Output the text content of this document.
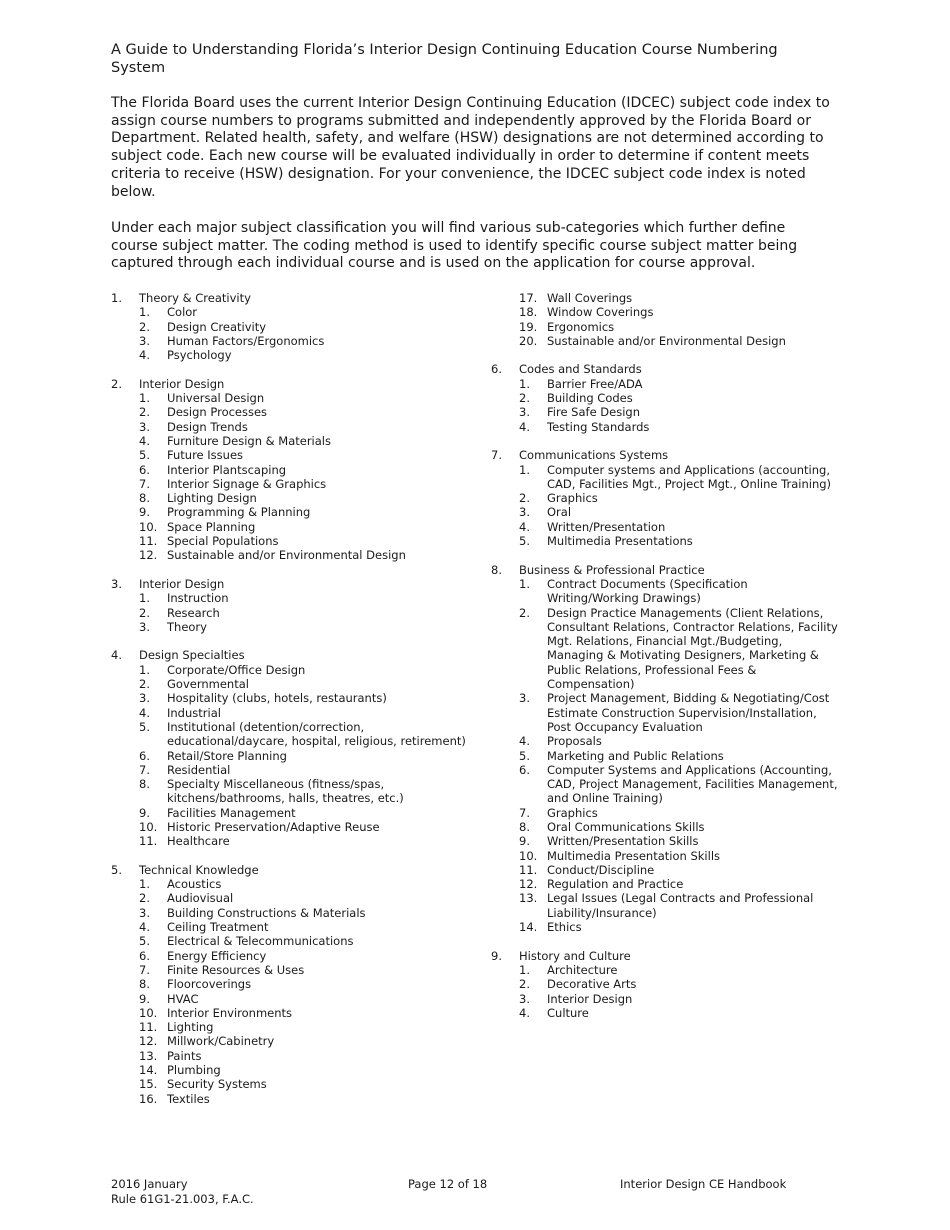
A Guide to Understanding Florida’s Interior Design Continuing Education Course Numbering System

The Florida Board uses the current Interior Design Continuing Education (IDCEC) subject code index to assign course numbers to programs submitted and independently approved by the Florida Board or Department. Related health, safety, and welfare (HSW) designations are not determined according to subject code. Each new course will be evaluated individually in order to determine if content meets criteria to receive (HSW) designation. For your convenience, the IDCEC subject code index is noted below.

Under each major subject classification you will find various sub-categories which further define course subject matter. The coding method is used to identify specific course subject matter being captured through each individual course and is used on the application for course approval.

1.	Theory & Creativity
1.	Color
2.	Design Creativity
3.	Human Factors/Ergonomics
4.	Psychology
2.	Interior Design
1.	Universal Design
2.	Design Processes
3.	Design Trends
4.	Furniture Design & Materials
5.	Future Issues
6.	Interior Plantscaping
7.	Interior Signage & Graphics
8.	Lighting Design
9.	Programming & Planning
10. Space Planning
11. Special Populations
12. Sustainable and/or Environmental Design
3.	Interior Design
1.	Instruction
2.	Research
3.	Theory
4.	Design Specialties
1.	Corporate/Office Design
2.	Governmental
3.	Hospitality (clubs, hotels, restaurants)
4.	Industrial
5.	Institutional (detention/correction, educational/daycare, hospital, religious, retirement)
6.	Retail/Store Planning
7.	Residential
8.	Specialty Miscellaneous (fitness/spas, kitchens/bathrooms, halls, theatres, etc.)
9.	Facilities Management
10. Historic Preservation/Adaptive Reuse
11. Healthcare
5.	Technical Knowledge
1.	Acoustics
2.	Audiovisual
3.	Building Constructions & Materials
4.	Ceiling Treatment
5.	Electrical & Telecommunications
6.	Energy Efficiency
7.	Finite Resources & Uses
8.	Floorcoverings
9.	HVAC
10. Interior Environments
11. Lighting
12. Millwork/Cabinetry
13. Paints
14. Plumbing
15. Security Systems
16. Textiles
17. Wall Coverings
18. Window Coverings
19. Ergonomics
20. Sustainable and/or Environmental Design
6.	Codes and Standards
1.	Barrier Free/ADA
2.	Building Codes
3.	Fire Safe Design
4.	Testing Standards
7.	Communications Systems
1.	Computer systems and Applications (accounting, CAD, Facilities Mgt., Project Mgt., Online Training)
2.	Graphics
3.	Oral
4.	Written/Presentation
5.	Multimedia Presentations
8.	Business & Professional Practice
1.	Contract Documents (Specification Writing/Working Drawings)
2.	Design Practice Managements (Client Relations, Consultant Relations, Contractor Relations, Facility Mgt. Relations, Financial Mgt./Budgeting, Managing & Motivating Designers, Marketing & Public Relations, Professional Fees & Compensation)
3.	Project Management, Bidding & Negotiating/Cost Estimate Construction Supervision/Installation, Post Occupancy Evaluation
4.	Proposals
5.	Marketing and Public Relations
6.	Computer Systems and Applications (Accounting, CAD, Project Management, Facilities Management, and Online Training)
7.	Graphics
8.	Oral Communications Skills
9.	Written/Presentation Skills
10. Multimedia Presentation Skills
11. Conduct/Discipline
12. Regulation and Practice
13. Legal Issues (Legal Contracts and Professional Liability/Insurance)
14. Ethics
9.	History and Culture
1.	Architecture
2.	Decorative Arts
3.	Interior Design
4.	Culture
2016 January
Rule 61G1-21.003, F.A.C.
Page 12 of 18	Interior Design CE Handbook
